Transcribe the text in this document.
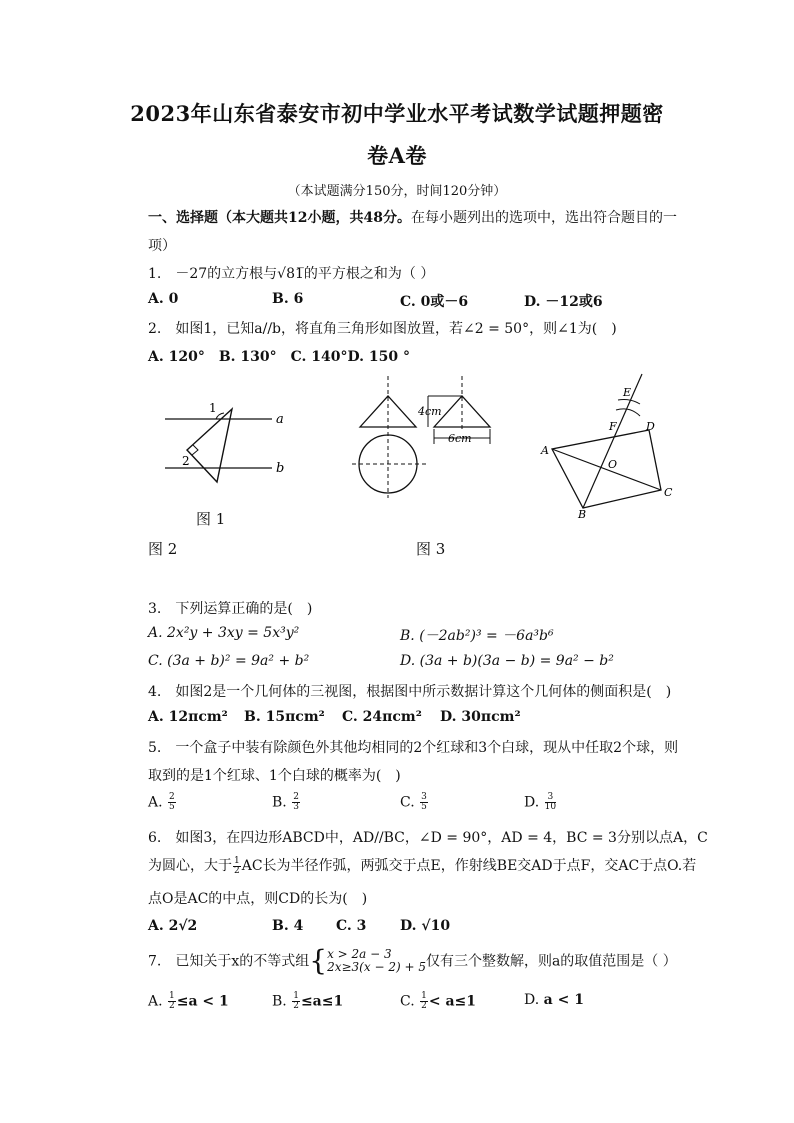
2023年山东省泰安市初中学业水平考试数学试题押题密
卷A卷
（本试题满分150分，时间120分钟）
一、选择题（本大题共12小题，共48分。在每小题列出的选项中，选出符合题目的一
项）
1.　－27的立方根与√81̅的平方根之和为（ ）
A. 0	B. 6	C. 0或－6	D. －12或6
2.　如图1，已知a//b，将直角三角形如图放置，若∠2 = 50°，则∠1为(　)
A. 120°　B. 130°　C. 140°D. 150 °
1
2
a
b
图 1
4cm
6cm
图 2
A
B
C
D
E
F
O
图 3
3.　下列运算正确的是(　)
A. 2x²y + 3xy = 5x³y²	B. (－2ab²)³ = －6a³b⁶
C. (3a + b)² = 9a² + b²	D. (3a + b)(3a − b) = 9a² − b²
4.　如图2是一个几何体的三视图，根据图中所示数据计算这个几何体的侧面积是(　)
A. 12πcm² B. 15πcm² C. 24πcm² D. 30πcm²
5.　一个盒子中装有除颜色外其他均相同的2个红球和3个白球，现从中任取2个球，则
取到的是1个红球、1个白球的概率为(　)
A. $\frac{2}{5}$	B. $\frac{2}{3}$	C. $\frac{3}{5}$	D. $\frac{3}{10}$
6.　如图3，在四边形ABCD中，AD//BC，∠D = 90°，AD = 4，BC = 3分别以点A，C
为圆心，大于 $\frac{1}{2}$ AC长为半径作弧，两弧交于点E，作射线BE交AD于点F，交AC于点O.若
点O是AC的中点，则CD的长为(　)
A. 2√2	B. 4 C. 3 D. √10
7.　已知关于x的不等式组{ x > 2a − 3
2x≥3(x − 2) + 5 仅有三个整数解，则a的取值范围是（ ）
A. $\frac{1}{2} \le a < 1$	B. $\frac{1}{2} \le a\le 1$	C. $\frac{1}{2} < a\le 1$	D. a < 1
